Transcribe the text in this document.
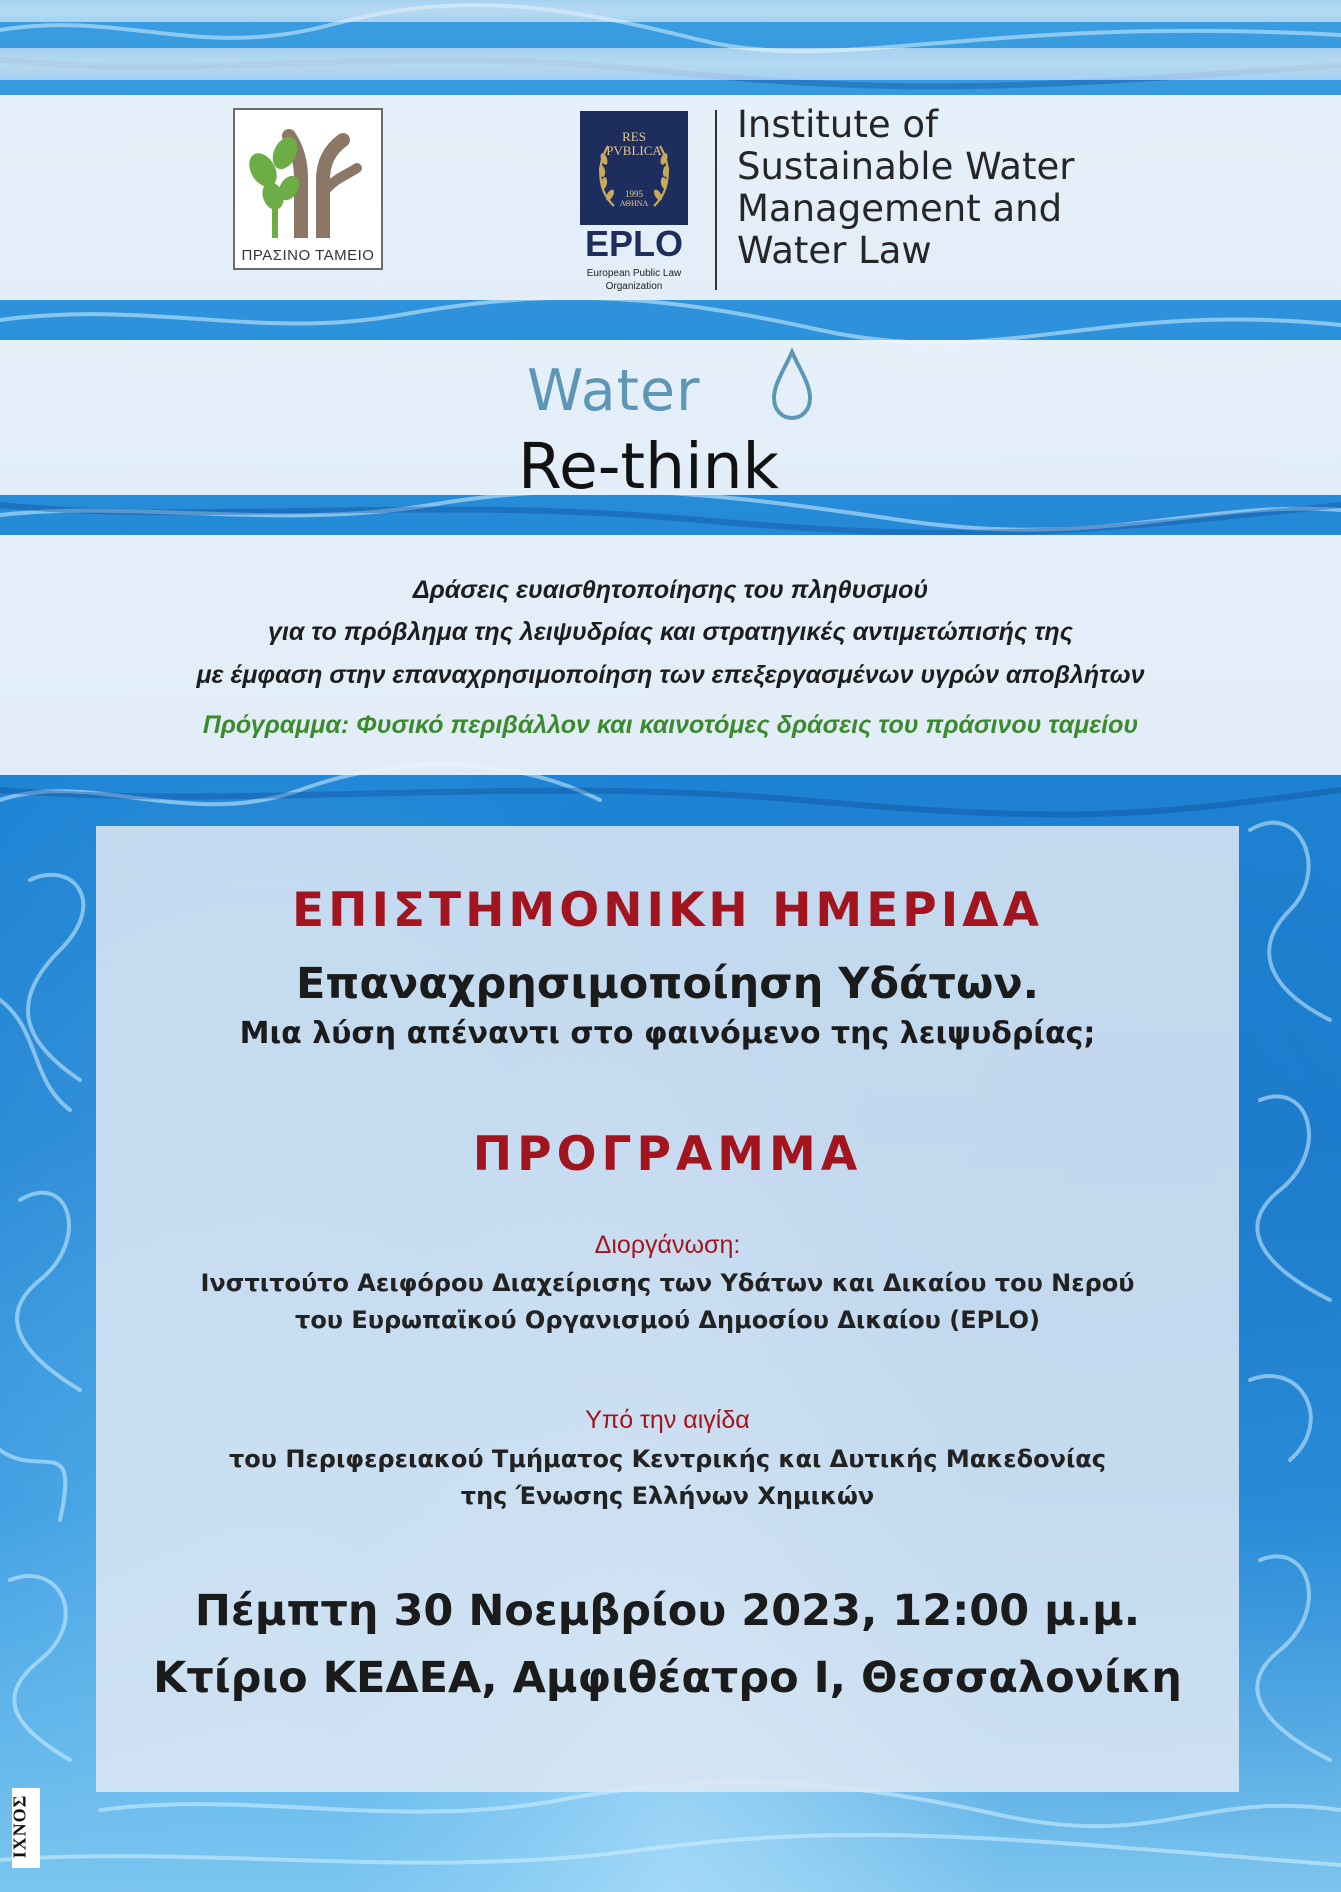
ΠΡΑΣΙΝΟ ΤΑΜΕΙΟ
RES
PVBLICA
1995
ΑΘΗΝΑ
EPLO
European Public Law
Organization
Institute of
Sustainable Water
Management and
Water Law
Water
Re-think
Δράσεις ευαισθητοποίησης του πληθυσμού
για το πρόβλημα της λειψυδρίας και στρατηγικές αντιμετώπισής της
με έμφαση στην επαναχρησιμοποίηση των επεξεργασμένων υγρών αποβλήτων
Πρόγραμμα: Φυσικό περιβάλλον και καινοτόμες δράσεις του πράσινου ταμείου
ΕΠΙΣΤΗΜΟΝΙΚΗ ΗΜΕΡΙΔΑ
Επαναχρησιμοποίηση Υδάτων.
Μια λύση απέναντι στο φαινόμενο της λειψυδρίας;
ΠΡΟΓΡΑΜΜΑ
Διοργάνωση:
Ινστιτούτο Αειφόρου Διαχείρισης των Υδάτων και Δικαίου του Νερού
του Ευρωπαϊκού Οργανισμού Δημοσίου Δικαίου (EPLO)
Υπό την αιγίδα
του Περιφερειακού Τμήματος Κεντρικής και Δυτικής Μακεδονίας
της Ένωσης Ελλήνων Χημικών
Πέμπτη 30 Νοεμβρίου 2023, 12:00 μ.μ.
Κτίριο ΚΕΔΕΑ, Αμφιθέατρο Ι, Θεσσαλονίκη
ΙΧΝΟΣ
